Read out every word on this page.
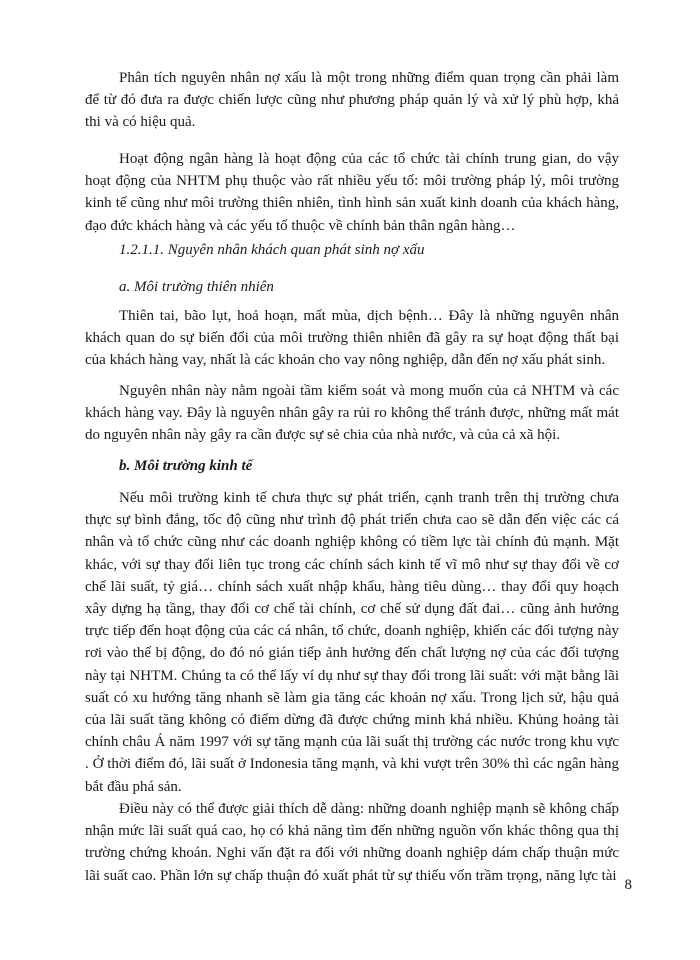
Phân tích nguyên nhân nợ xấu là một trong những điểm quan trọng cần phải làm để từ đó đưa ra được chiến lược cũng như phương pháp quản lý và xử lý phù hợp, khả thi và có hiệu quả.

Hoạt động ngân hàng là hoạt động của các tổ chức tài chính trung gian, do vậy hoạt động của NHTM phụ thuộc vào rất nhiều yếu tố: môi trường pháp lý, môi trường kinh tế cũng như môi trường thiên nhiên, tình hình sản xuất kinh doanh của khách hàng, đạo đức khách hàng và các yếu tố thuộc về chính bản thân ngân hàng…

1.2.1.1. Nguyên nhân khách quan phát sinh nợ xấu

a. Môi trường thiên nhiên

Thiên tai, bão lụt, hoả hoạn, mất mùa, dịch bệnh… Đây là những nguyên nhân khách quan do sự biến đổi của môi trường thiên nhiên đã gây ra sự hoạt động thất bại của khách hàng vay, nhất là các khoản cho vay nông nghiệp, dẫn đến nợ xấu phát sinh.

Nguyên nhân này nằm ngoài tầm kiểm soát và mong muốn của cả NHTM và các khách hàng vay. Đây là nguyên nhân gây ra rủi ro không thể tránh được, những mất mát do nguyên nhân này gây ra cần được sự sẻ chia của nhà nước, và của cả xã hội.

b. Môi trường kinh tế

Nếu môi trường kinh tế chưa thực sự phát triển, cạnh tranh trên thị trường chưa thực sự bình đẳng, tốc độ cũng như trình độ phát triển chưa cao sẽ dẫn đến việc các cá nhân và tổ chức cũng như các doanh nghiệp không có tiềm lực tài chính đủ mạnh. Mặt khác, với sự thay đổi liên tục trong các chính sách kinh tế vĩ mô như sự thay đổi về cơ chế lãi suất, tỷ giá… chính sách xuất nhập khẩu, hàng tiêu dùng… thay đổi quy hoạch xây dựng hạ tầng, thay đổi cơ chế tài chính, cơ chế sử dụng đất đai… cũng ảnh hưởng trực tiếp đến hoạt động của các cá nhân, tổ chức, doanh nghiệp, khiến các đối tượng này rơi vào thế bị động, do đó nó gián tiếp ảnh hưởng đến chất lượng nợ của các đối tượng này tại NHTM. Chúng ta có thể lấy ví dụ như sự thay đổi trong lãi suất: với mặt bằng lãi suất có xu hướng tăng nhanh sẽ làm gia tăng các khoản nợ xấu. Trong lịch sử, hậu quả của lãi suất tăng không có điểm dừng đã được chứng minh khá nhiều. Khủng hoảng tài chính châu Á năm 1997 với sự tăng mạnh của lãi suất thị trường các nước trong khu vực . Ở thời điểm đó, lãi suất ở Indonesia tăng mạnh, và khi vượt trên 30% thì các ngân hàng bắt đầu phá sản.

Điều này có thể được giải thích dễ dàng: những doanh nghiệp mạnh sẽ không chấp nhận mức lãi suất quá cao, họ có khả năng tìm đến những nguồn vốn khác thông qua thị trường chứng khoán. Nghi vấn đặt ra đối với những doanh nghiệp dám chấp thuận mức lãi suất cao. Phần lớn sự chấp thuận đó xuất phát từ sự thiếu vốn trầm trọng, năng lực tài

8
